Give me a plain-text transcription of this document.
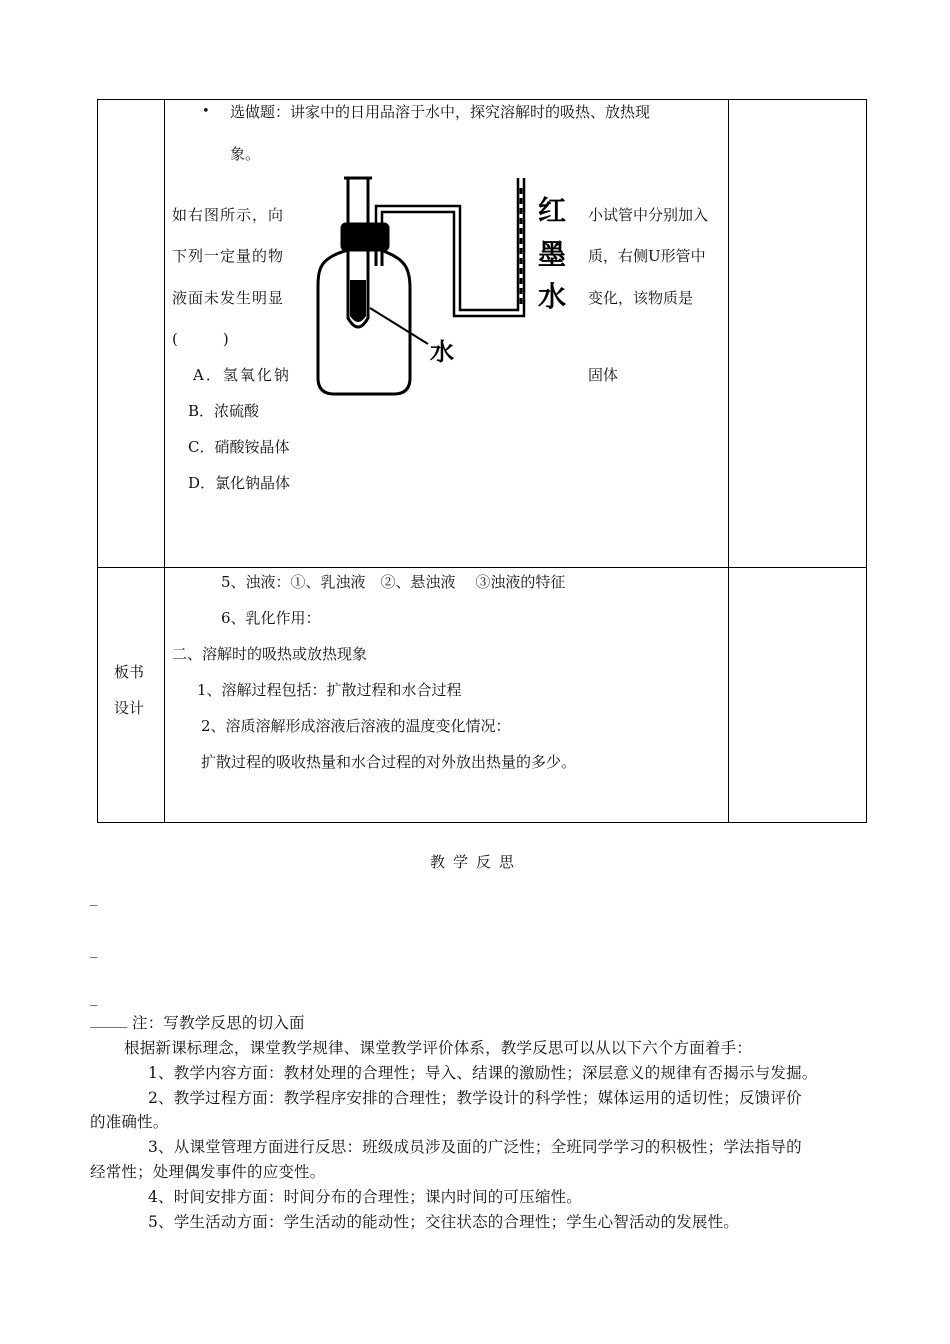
• 选做题：讲家中的日用品溶于水中，探究溶解时的吸热、放热现
象。
如右图所示，向
下列一定量的物
液面未发生明显
(　　　)
小试管中分别加入
质，右侧U形管中
变化，该物质是
A．氢氧化钠	固体
B．浓硫酸
C．硝酸铵晶体
D．氯化钠晶体
红
墨
水
水
板书
设计
5、浊液：①、乳浊液　②、悬浊液　 ③浊液的特征
6、乳化作用：
二、溶解时的吸热或放热现象
1、溶解过程包括：扩散过程和水合过程
2、溶质溶解形成溶液后溶液的温度变化情况：
扩散过程的吸收热量和水合过程的对外放出热量的多少。
教学反思
_
_
_
_____ 注：写教学反思的切入面
根据新课标理念，课堂教学规律、课堂教学评价体系，教学反思可以从以下六个方面着手：
1、教学内容方面：教材处理的合理性；导入、结课的激励性；深层意义的规律有否揭示与发掘。
2、教学过程方面：教学程序安排的合理性；教学设计的科学性；媒体运用的适切性；反馈评价
的准确性。
3、从课堂管理方面进行反思：班级成员涉及面的广泛性；全班同学学习的积极性；学法指导的
经常性；处理偶发事件的应变性。
4、时间安排方面：时间分布的合理性；课内时间的可压缩性。
5、学生活动方面：学生活动的能动性；交往状态的合理性；学生心智活动的发展性。
